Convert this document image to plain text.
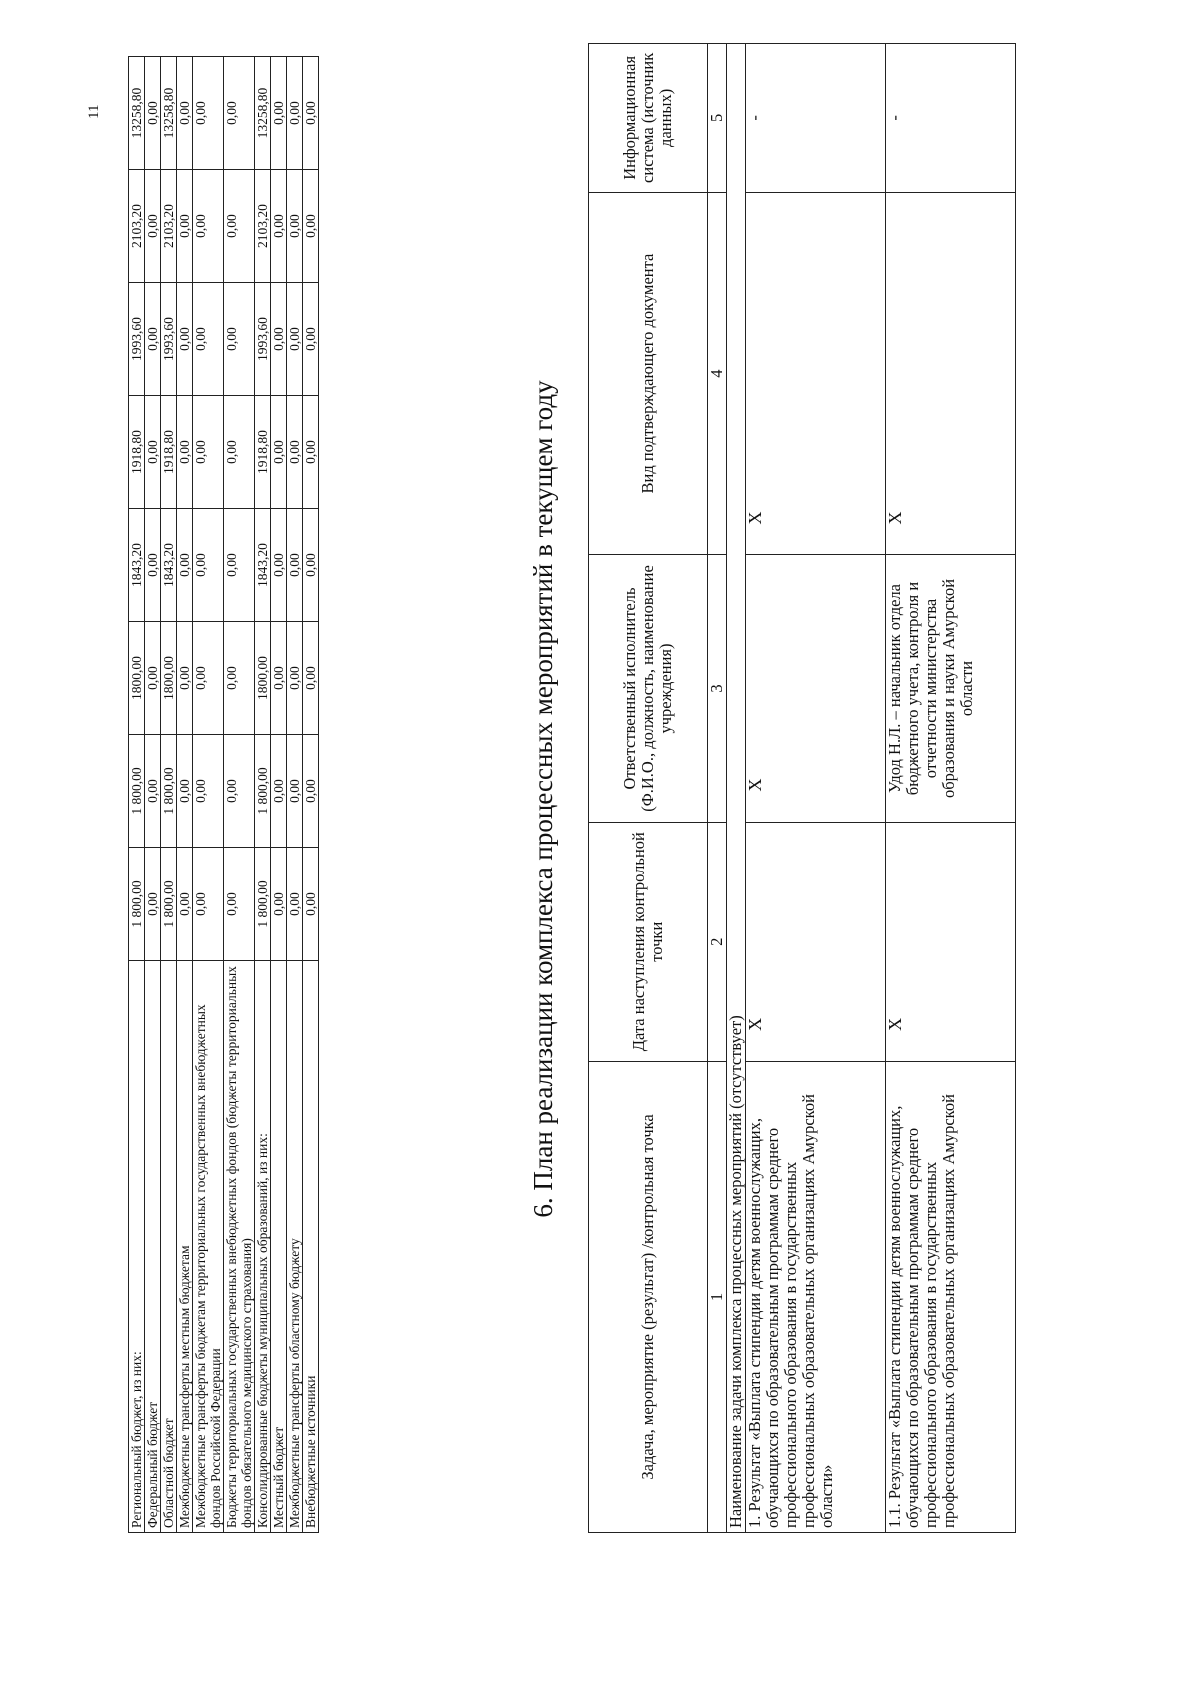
11
Региональный бюджет, из них:	1 800,00	1 800,00	1800,00	1843,20	1918,80	1993,60	2103,20	13258,80
Федеральный бюджет	0,00	0,00	0,00	0,00	0,00	0,00	0,00	0,00
Областной бюджет	1 800,00	1 800,00	1800,00	1843,20	1918,80	1993,60	2103,20	13258,80
Межбюджетные трансферты местным бюджетам	0,00	0,00	0,00	0,00	0,00	0,00	0,00	0,00
Межбюджетные трансферты бюджетам территориальных государственных внебюджетных фондов Российской Федерации	0,00	0,00	0,00	0,00	0,00	0,00	0,00	0,00
Бюджеты территориальных государственных внебюджетных фондов (бюджеты территориальных фондов обязательного медицинского страхования)	0,00	0,00	0,00	0,00	0,00	0,00	0,00	0,00
Консолидированные бюджеты муниципальных образований, из них:	1 800,00	1 800,00	1800,00	1843,20	1918,80	1993,60	2103,20	13258,80
Местный бюджет	0,00	0,00	0,00	0,00	0,00	0,00	0,00	0,00
Межбюджетные трансферты областному бюджету	0,00	0,00	0,00	0,00	0,00	0,00	0,00	0,00
Внебюджетные источники	0,00	0,00	0,00	0,00	0,00	0,00	0,00	0,00
6. План реализации комплекса процессных мероприятий в текущем году
Задача, мероприятие (результат) /контрольная точка	Дата наступления контрольной точки	Ответственный исполнитель (Ф.И.О., должность, наименование учреждения)	Вид подтверждающего документа	Информационная система (источник данных)
1	2	3	4	5
Наименование задачи комплекса процессных мероприятий (отсутствует)				
1. Результат «Выплата стипендии детям военнослужащих, обучающихся по образовательным программам среднего профессионального образования в государственных профессиональных образовательных организациях Амурской области»	Х	Х	Х	-
1.1. Результат «Выплата стипендии детям военнослужащих, обучающихся по образовательным программам среднего профессионального образования в государственных профессиональных образовательных организациях Амурской	Х	Удод Н.Л. – начальник отдела бюджетного учета, контроля и отчетности министерства образования и науки Амурской области	Х	-
